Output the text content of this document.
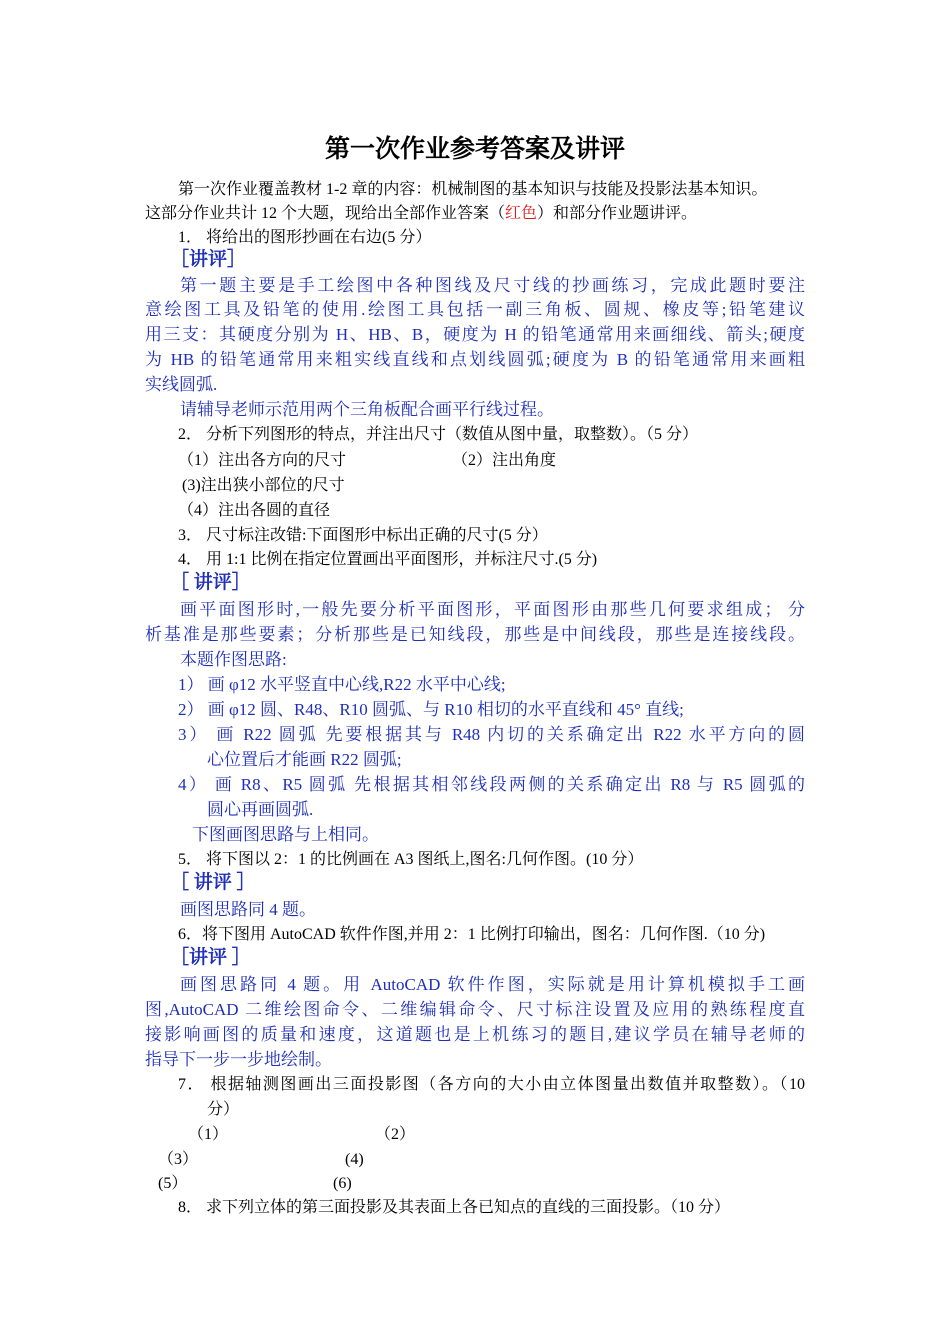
第一次作业参考答案及讲评
第一次作业覆盖教材 1-2 章的内容：机械制图的基本知识与技能及投影法基本知识。
这部分作业共计 12 个大题，现给出全部作业答案（红色）和部分作业题讲评。
1． 将给出的图形抄画在右边(5 分）
［讲评］
第一题主要是手工绘图中各种图线及尺寸线的抄画练习，完成此题时要注
意绘图工具及铅笔的使用.绘图工具包括一副三角板、圆规、橡皮等;铅笔建议
用三支：其硬度分别为 H、HB、B，硬度为 H 的铅笔通常用来画细线、箭头;硬度
为 HB 的铅笔通常用来粗实线直线和点划线圆弧;硬度为 B 的铅笔通常用来画粗
实线圆弧.
请辅导老师示范用两个三角板配合画平行线过程。
2． 分析下列图形的特点，并注出尺寸（数值从图中量，取整数）。（5 分）
（1）注出各方向的尺寸	（2）注出角度
(3)注出狭小部位的尺寸
（4）注出各圆的直径
3． 尺寸标注改错:下面图形中标出正确的尺寸(5 分）
4． 用 1:1 比例在指定位置画出平面图形，并标注尺寸.(5 分)
［ 讲评］
画平面图形时,一般先要分析平面图形，平面图形由那些几何要求组成； 分
析基准是那些要素；分析那些是已知线段，那些是中间线段，那些是连接线段。
本题作图思路:
1） 画 φ12 水平竖直中心线,R22 水平中心线;
2） 画 φ12 圆、R48、R10 圆弧、与 R10 相切的水平直线和 45° 直线;
3） 画 R22 圆弧 先要根据其与 R48 内切的关系确定出 R22 水平方向的圆
心位置后才能画 R22 圆弧;
4） 画 R8、R5 圆弧 先根据其相邻线段两侧的关系确定出 R8 与 R5 圆弧的
圆心再画圆弧.
下图画图思路与上相同。
5． 将下图以 2：1 的比例画在 A3 图纸上,图名:几何作图。(10 分）
［ 讲评 ］
画图思路同 4 题。
6．将下图用 AutoCAD 软件作图,并用 2：1 比例打印输出，图名：几何作图.（10 分)
［讲评 ］
画图思路同 4 题。用 AutoCAD 软件作图，实际就是用计算机模拟手工画
图,AutoCAD 二维绘图命令、二维编辑命令、尺寸标注设置及应用的熟练程度直
接影响画图的质量和速度，这道题也是上机练习的题目,建议学员在辅导老师的
指导下一步一步地绘制。
7． 根据轴测图画出三面投影图（各方向的大小由立体图量出数值并取整数）。（10
分）
（1）	（2）
（3）	(4)
(5）	(6)
8． 求下列立体的第三面投影及其表面上各已知点的直线的三面投影。（10 分）
